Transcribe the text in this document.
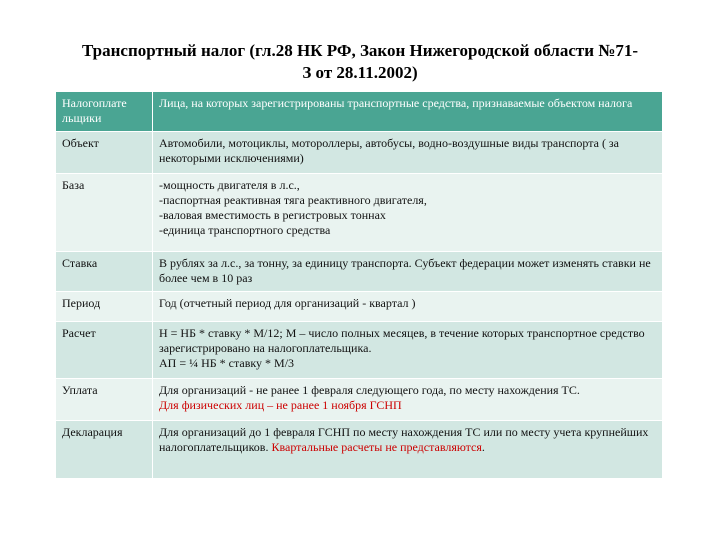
Транспортный налог (гл.28 НК РФ, Закон Нижегородской области №71-
З от 28.11.2002)
Налогоплате льщики	Лица, на которых зарегистрированы транспортные средства, признаваемые объектом налога
Объект	Автомобили, мотоциклы, мотороллеры, автобусы, водно-воздушные виды транспорта ( за некоторыми исключениями)
База	-мощность двигателя в л.с.,
-паспортная реактивная тяга реактивного двигателя,
-валовая вместимость в регистровых тоннах
-единица транспортного средства

Ставка	В рублях за л.с., за тонну, за единицу транспорта. Субъект федерации может изменять ставки не более чем в 10 раз
Период	Год (отчетный период для организаций - квартал )
Расчет	Н = НБ * ставку * М/12; М – число полных месяцев, в течение которых транспортное средство зарегистрировано на налогоплательщика.
АП = ¼ НБ * ставку * М/3

Уплата	Для организаций - не ранее 1 февраля следующего года, по месту нахождения ТС.
Для физических лиц – не ранее 1 ноября ГСНП

Декларация	Для организаций до 1 февраля ГСНП по месту нахождения ТС или по месту учета крупнейших налогоплательщиков. Квартальные расчеты не представляются.
